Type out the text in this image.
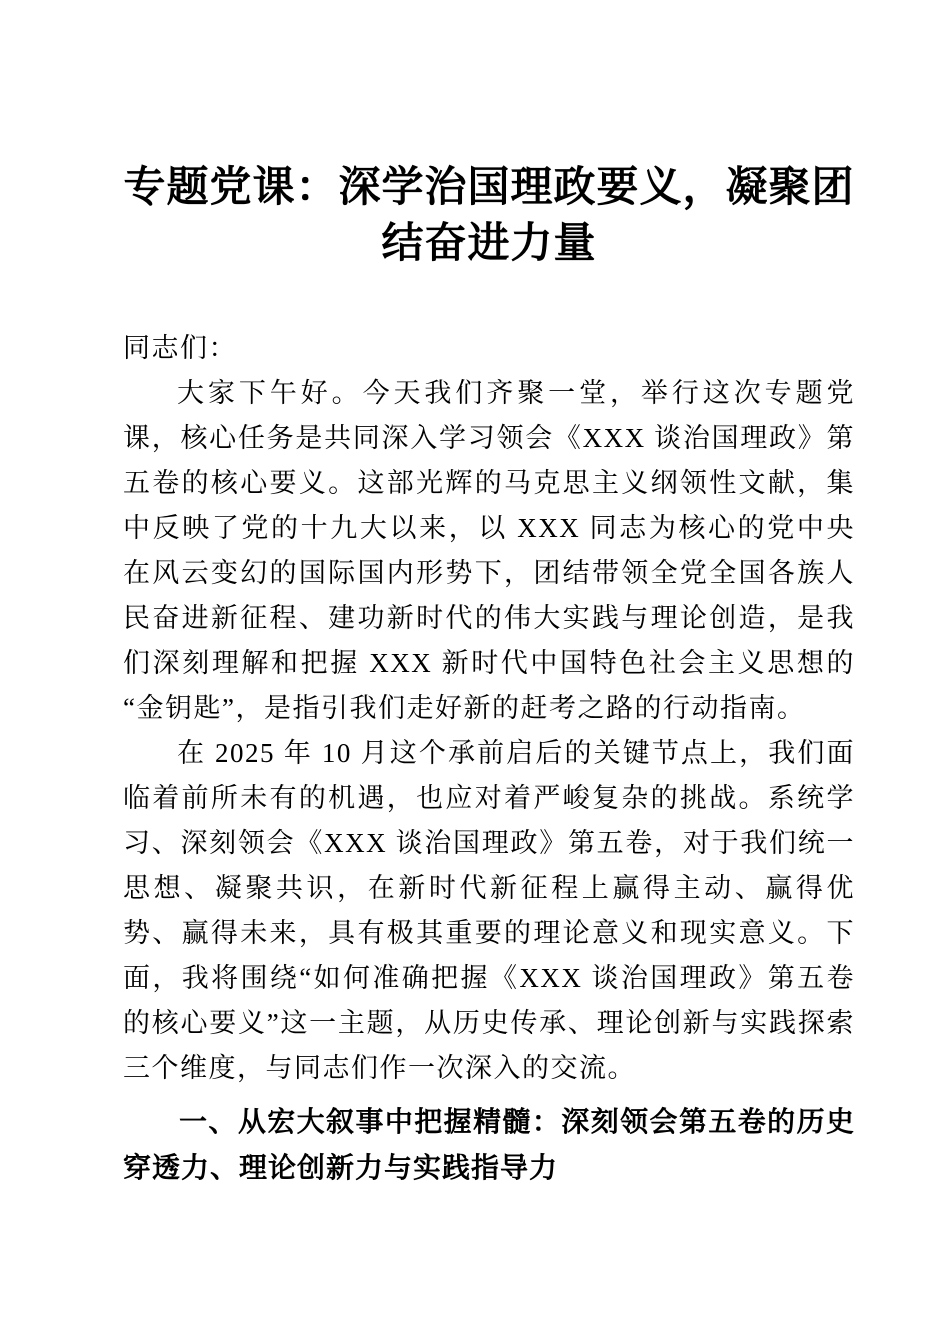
专题党课：深学治国理政要义，凝聚团结奋进力量

同志们：

大家下午好。今天我们齐聚一堂，举行这次专题党课，核心任务是共同深入学习领会《XXX 谈治国理政》第五卷的核心要义。这部光辉的马克思主义纲领性文献，集中反映了党的十九大以来，以 XXX 同志为核心的党中央在风云变幻的国际国内形势下，团结带领全党全国各族人民奋进新征程、建功新时代的伟大实践与理论创造，是我们深刻理解和把握 XXX 新时代中国特色社会主义思想的“金钥匙”，是指引我们走好新的赶考之路的行动指南。

在 2025 年 10 月这个承前启后的关键节点上，我们面临着前所未有的机遇，也应对着严峻复杂的挑战。系统学习、深刻领会《XXX 谈治国理政》第五卷，对于我们统一思想、凝聚共识，在新时代新征程上赢得主动、赢得优势、赢得未来，具有极其重要的理论意义和现实意义。下面，我将围绕“如何准确把握《XXX 谈治国理政》第五卷的核心要义”这一主题，从历史传承、理论创新与实践探索三个维度，与同志们作一次深入的交流。

一、从宏大叙事中把握精髓：深刻领会第五卷的历史穿透力、理论创新力与实践指导力
